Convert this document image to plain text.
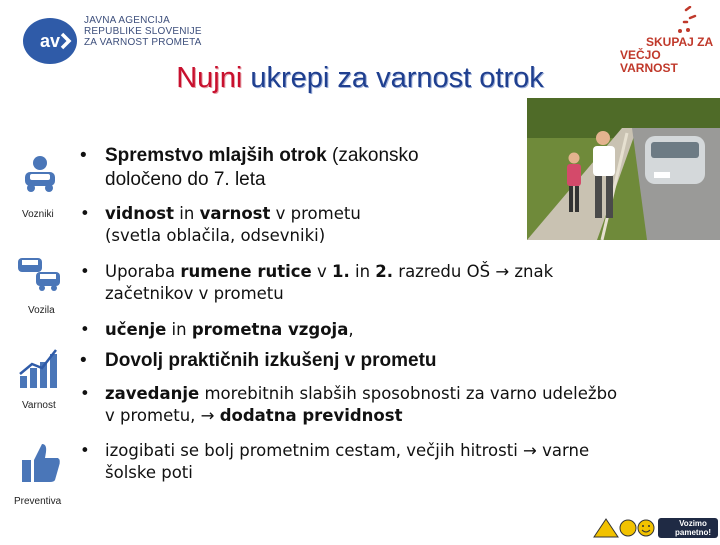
av
JAVNA AGENCIJA
REPUBLIKE SLOVENIJE
ZA VARNOST PROMETA	SKUPAJ ZA
VEČJO VARNOST
Nujni ukrepi za varnost otrok
Vozniki
Vozila
Varnost
Preventiva
• Spremstvo mlajših otrok (zakonsko
določeno do 7. leta
• vidnost in varnost v prometu
(svetla oblačila, odsevniki)
• Uporaba rumene rutice v 1. in 2. razredu OŠ → znak
začetnikov v prometu
• učenje in prometna vzgoja,
• Dovolj praktičnih izkušenj v prometu
• zavedanje morebitnih slabših sposobnosti za varno udeležbo
v prometu, → dodatna previdnost
• izogibati se bolj prometnim cestam, večjih hitrosti → varne
šolske poti
Vozimo pametno!
